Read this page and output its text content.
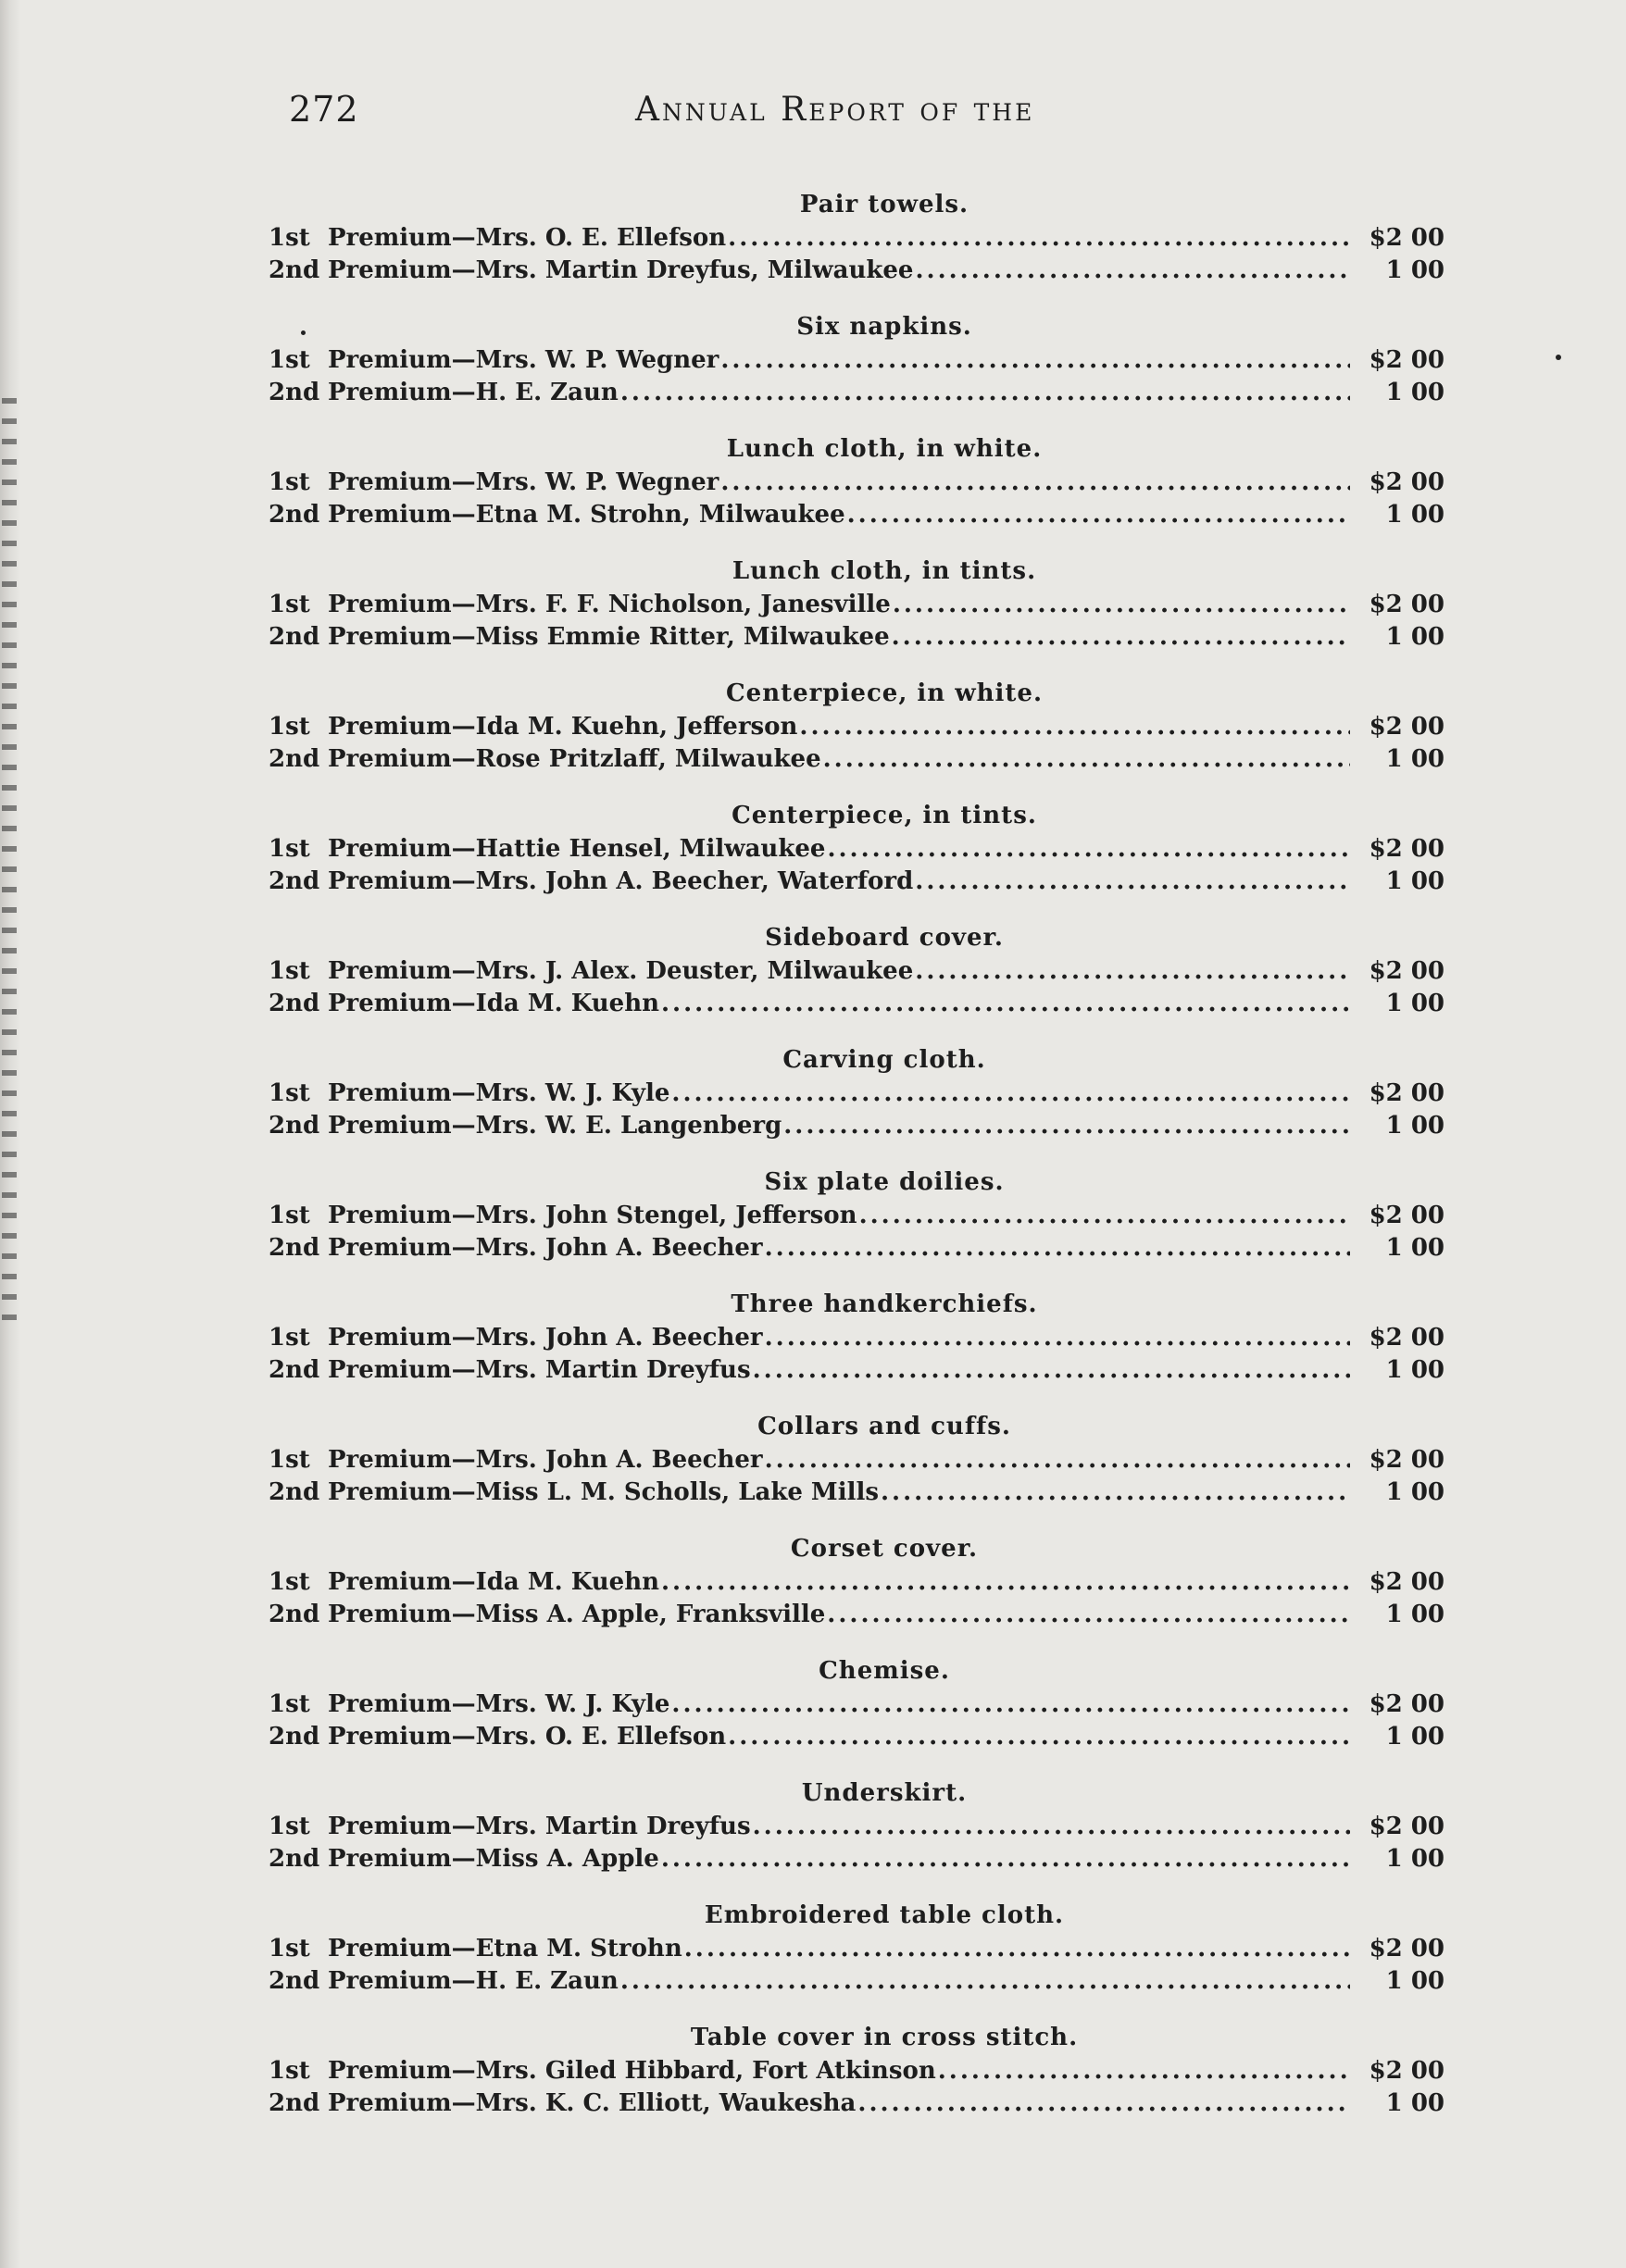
272	Annual Report of the
Pair towels.
1st Premium—Mrs. O. E. Ellefson .....	$2 00
2nd Premium—Mrs. Martin Dreyfus, Milwaukee .....	1 00
Six napkins.
1st Premium—Mrs. W. P. Wegner .....	$2 00
2nd Premium—H. E. Zaun .....	1 00
Lunch cloth, in white.
1st Premium—Mrs. W. P. Wegner .....	$2 00
2nd Premium—Etna M. Strohn, Milwaukee .....	1 00
Lunch cloth, in tints.
1st Premium—Mrs. F. F. Nicholson, Janesville .....	$2 00
2nd Premium—Miss Emmie Ritter, Milwaukee .....	1 00
Centerpiece, in white.
1st Premium—Ida M. Kuehn, Jefferson .....	$2 00
2nd Premium—Rose Pritzlaff, Milwaukee .....	1 00
Centerpiece, in tints.
1st Premium—Hattie Hensel, Milwaukee .....	$2 00
2nd Premium—Mrs. John A. Beecher, Waterford .....	1 00
Sideboard cover.
1st Premium—Mrs. J. Alex. Deuster, Milwaukee .....	$2 00
2nd Premium—Ida M. Kuehn .....	1 00
Carving cloth.
1st Premium—Mrs. W. J. Kyle .....	$2 00
2nd Premium—Mrs. W. E. Langenberg .....	1 00
Six plate doilies.
1st Premium—Mrs. John Stengel, Jefferson .....	$2 00
2nd Premium—Mrs. John A. Beecher .....	1 00
Three handkerchiefs.
1st Premium—Mrs. John A. Beecher .....	$2 00
2nd Premium—Mrs. Martin Dreyfus .....	1 00
Collars and cuffs.
1st Premium—Mrs. John A. Beecher .....	$2 00
2nd Premium—Miss L. M. Scholls, Lake Mills .....	1 00
Corset cover.
1st Premium—Ida M. Kuehn .....	$2 00
2nd Premium—Miss A. Apple, Franksville .....	1 00
Chemise.
1st Premium—Mrs. W. J. Kyle .....	$2 00
2nd Premium—Mrs. O. E. Ellefson .....	1 00
Underskirt.
1st Premium—Mrs. Martin Dreyfus .....	$2 00
2nd Premium—Miss A. Apple .....	1 00
Embroidered table cloth.
1st Premium—Etna M. Strohn .....	$2 00
2nd Premium—H. E. Zaun .....	1 00
Table cover in cross stitch.
1st Premium—Mrs. Giled Hibbard, Fort Atkinson .....	$2 00
2nd Premium—Mrs. K. C. Elliott, Waukesha .....	1 00
